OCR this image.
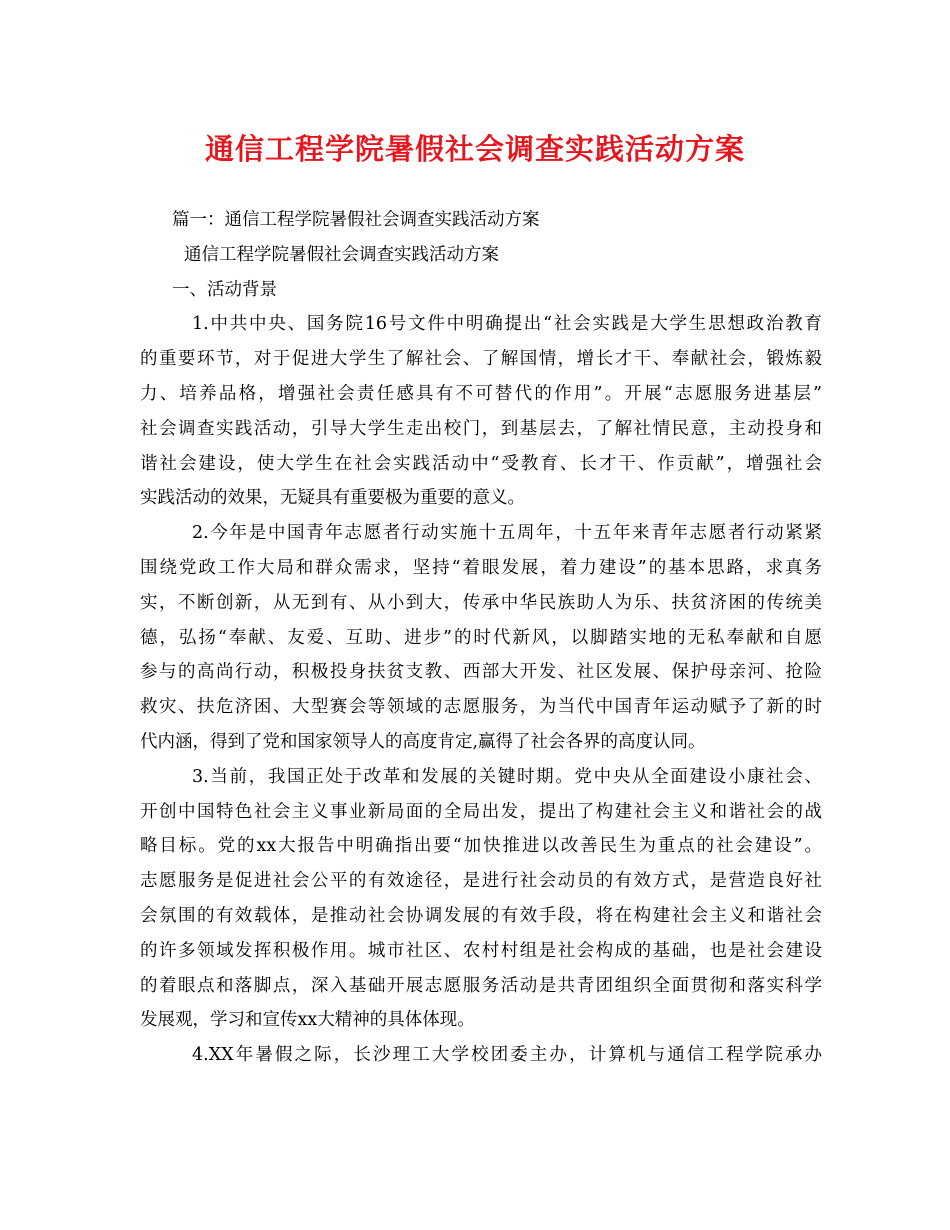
通信工程学院暑假社会调查实践活动方案
篇一：通信工程学院暑假社会调查实践活动方案
通信工程学院暑假社会调查实践活动方案
一、活动背景
1.中共中央、国务院16号文件中明确提出“社会实践是大学生思想政治教育
的重要环节，对于促进大学生了解社会、了解国情，增长才干、奉献社会，锻炼毅
力、培养品格，增强社会责任感具有不可替代的作用”。开展“志愿服务进基层”
社会调查实践活动，引导大学生走出校门，到基层去，了解社情民意，主动投身和
谐社会建设，使大学生在社会实践活动中“受教育、长才干、作贡献”，增强社会
实践活动的效果，无疑具有重要极为重要的意义。
2.今年是中国青年志愿者行动实施十五周年，十五年来青年志愿者行动紧紧
围绕党政工作大局和群众需求，坚持“着眼发展，着力建设”的基本思路，求真务
实，不断创新，从无到有、从小到大，传承中华民族助人为乐、扶贫济困的传统美
德，弘扬“奉献、友爱、互助、进步”的时代新风，以脚踏实地的无私奉献和自愿
参与的高尚行动，积极投身扶贫支教、西部大开发、社区发展、保护母亲河、抢险
救灾、扶危济困、大型赛会等领域的志愿服务，为当代中国青年运动赋予了新的时
代内涵，得到了党和国家领导人的高度肯定,赢得了社会各界的高度认同。
3.当前，我国正处于改革和发展的关键时期。党中央从全面建设小康社会、
开创中国特色社会主义事业新局面的全局出发，提出了构建社会主义和谐社会的战
略目标。党的xx大报告中明确指出要“加快推进以改善民生为重点的社会建设”。
志愿服务是促进社会公平的有效途径，是进行社会动员的有效方式，是营造良好社
会氛围的有效载体，是推动社会协调发展的有效手段，将在构建社会主义和谐社会
的许多领域发挥积极作用。城市社区、农村村组是社会构成的基础，也是社会建设
的着眼点和落脚点，深入基础开展志愿服务活动是共青团组织全面贯彻和落实科学
发展观，学习和宣传xx大精神的具体体现。
4.XX年暑假之际，长沙理工大学校团委主办，计算机与通信工程学院承办
